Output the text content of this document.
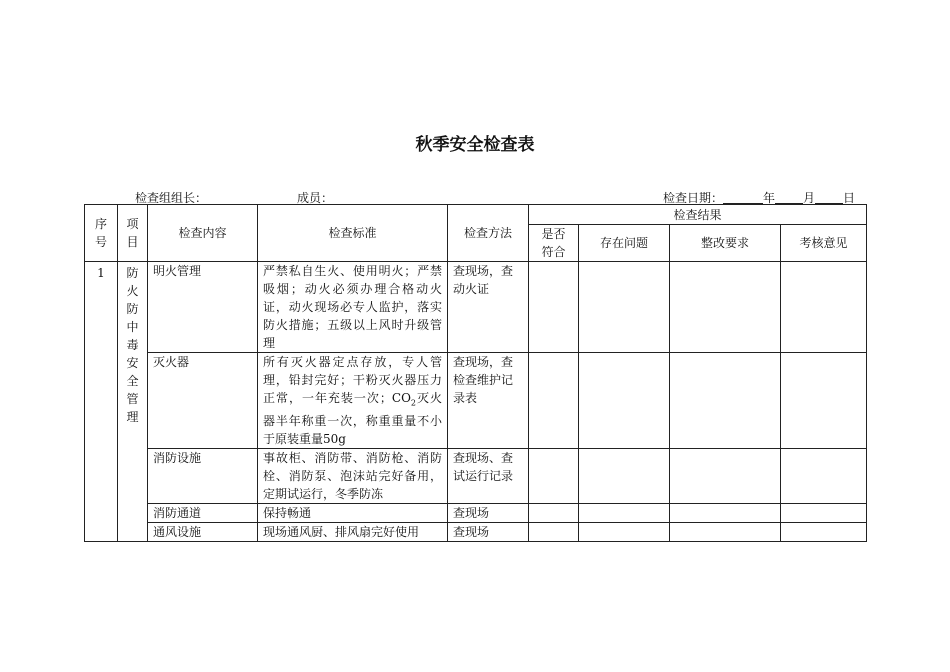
秋季安全检查表
检查组组长：	成员：	检查日期：	年 月 日
序号	项目	检查内容	检查标准	检查方法	检查结果			
					是否符合	存在问题	整改要求	考核意见
1	防火防中毒安全管理	明火管理	严禁私自生火、使用明火；严禁吸烟；动火必须办理合格动火证，动火现场必专人监护，落实防火措施；五级以上风时升级管理	查现场，查动火证				
		灭火器	所有灭火器定点存放，专人管理，铅封完好；干粉灭火器压力正常，一年充装一次；$CO_2$灭火器半年称重一次，称重重量不小于原装重量50g	查现场，查检查维护记录表				
		消防设施	事故柜、消防带、消防枪、消防栓、消防泵、泡沫站完好备用，定期试运行，冬季防冻	查现场、查试运行记录				
		消防通道	保持畅通	查现场				
		通风设施	现场通风厨、排风扇完好使用	查现场				
